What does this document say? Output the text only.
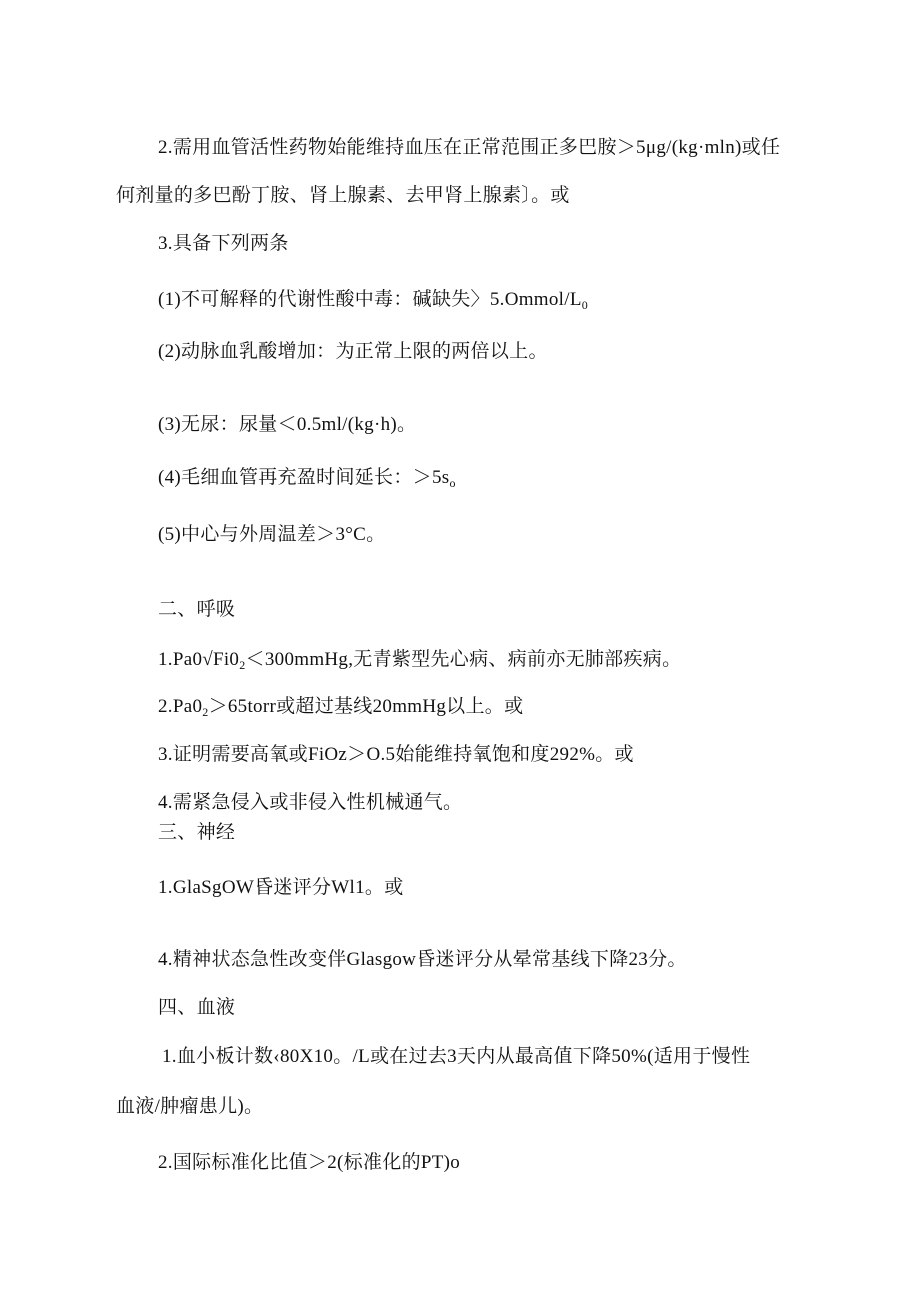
2.需用血管活性药物始能维持血压在正常范围正多巴胺＞5μg/(kg·mln)或任
何剂量的多巴酚丁胺、肾上腺素、去甲肾上腺素〕。或
3.具备下列两条
(1)不可解释的代谢性酸中毒：碱缺失〉$5.Ommol/L_0$
(2)动脉血乳酸增加：为正常上限的两倍以上。
(3)无尿：尿量＜0.5ml/(kg·h)。
(4)毛细血管再充盈时间延长：$>5s_o$
(5)中心与外周温差＞3°C。
二、呼吸
$1.Pa0√Fi0_2<300mmHg$,无青紫型先心病、病前亦无肺部疾病。
$2.Pa0_2>65torr$或超过基线20mmHg以上。或
3.证明需要高氧或FiOz＞O.5始能维持氧饱和度292%。或
4.需紧急侵入或非侵入性机械通气。
三、神经
1.GlaSgOW昏迷评分Wl1。或
4.精神状态急性改变伴Glasgow昏迷评分从晕常基线下降23分。
四、血液
1.血小板计数‹80X10。/L或在过去3天内从最高值下降50%(适用于慢性
血液/肿瘤患儿)。
2.国际标准化比值＞2(标准化的PT)o
